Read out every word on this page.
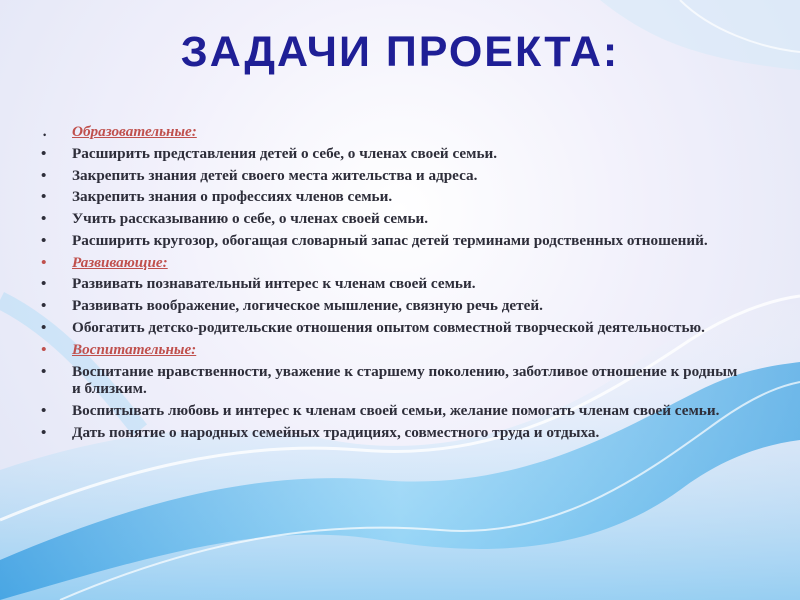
ЗАДАЧИ ПРОЕКТА:
• Образовательные:
• Расширить представления детей о себе, о членах своей семьи.
• Закрепить знания детей своего места жительства и адреса.
• Закрепить знания о профессиях членов семьи.
• Учить рассказыванию о себе, о членах своей семьи.
• Расширить кругозор, обогащая словарный запас детей терминами родственных отношений.
• Развивающие:
• Развивать познавательный интерес к членам своей семьи.
• Развивать воображение, логическое мышление, связную речь детей.
• Обогатить детско-родительские отношения опытом совместной творческой деятельностью.
• Воспитательные:
• Воспитание нравственности, уважение к старшему поколению, заботливое отношение к родным и близким.
• Воспитывать любовь и интерес к членам своей семьи, желание помогать членам своей семьи.
• Дать понятие о народных семейных традициях, совместного труда и отдыха.
